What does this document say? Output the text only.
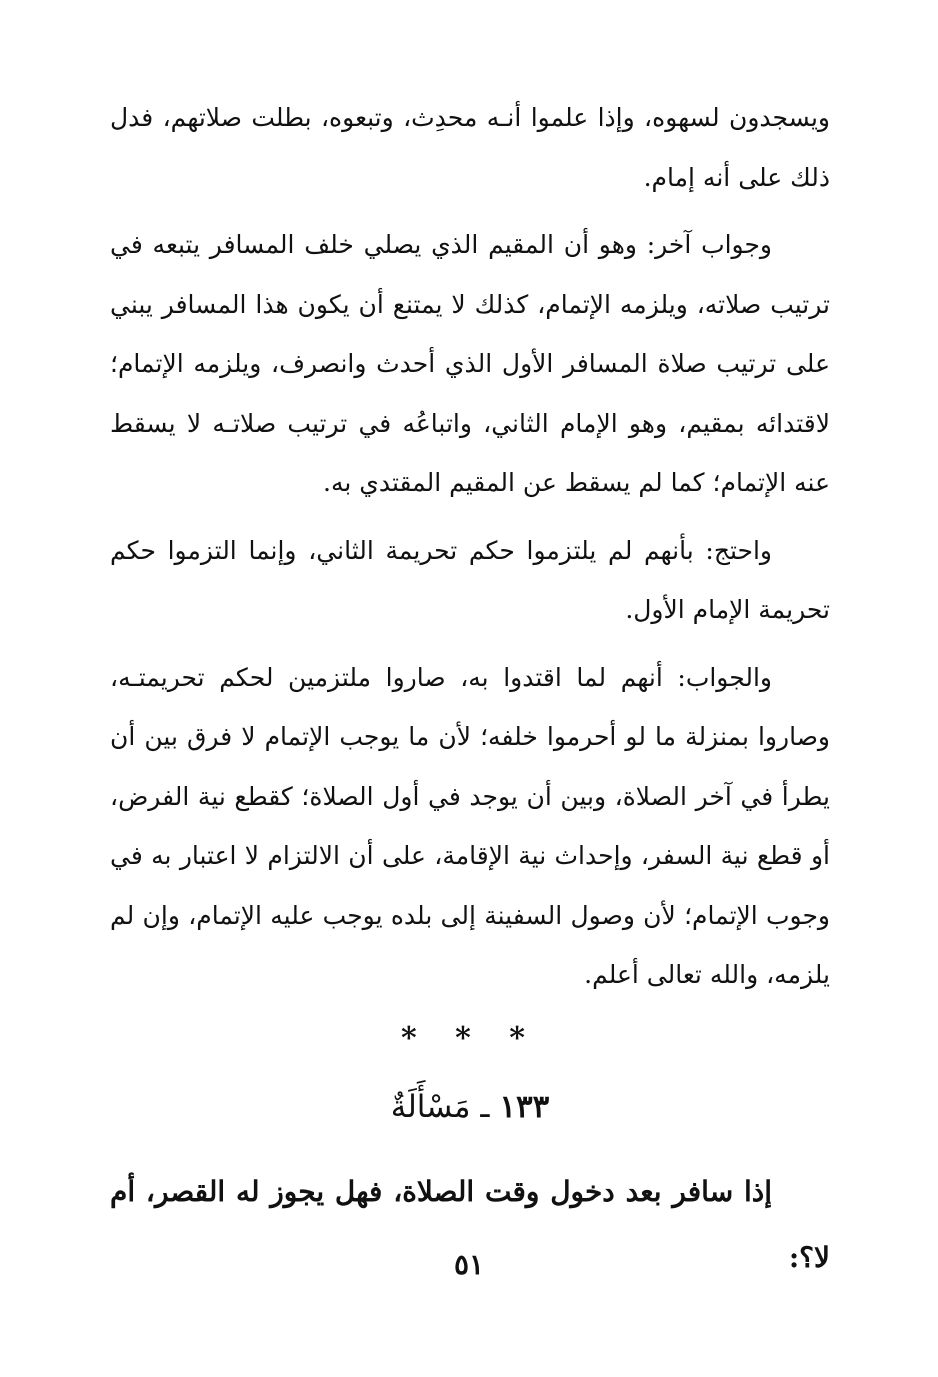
ويسجدون لسهوه، وإذا علموا أنـه محدِث، وتبعوه، بطلت صلاتهم، فدل ذلك على أنه إمام.

وجواب آخر: وهو أن المقيم الذي يصلي خلف المسافر يتبعه في ترتيب صلاته، ويلزمه الإتمام، كذلك لا يمتنع أن يكون هذا المسافر يبني على ترتيب صلاة المسافر الأول الذي أحدث وانصرف، ويلزمه الإتمام؛ لاقتدائه بمقيم، وهو الإمام الثاني، واتباعُه في ترتيب صلاتـه لا يسقط عنه الإتمام؛ كما لم يسقط عن المقيم المقتدي به.

واحتج: بأنهم لم يلتزموا حكم تحريمة الثاني، وإنما التزموا حكم تحريمة الإمام الأول.

والجواب: أنهم لما اقتدوا به، صاروا ملتزمين لحكم تحريمتـه، وصاروا بمنزلة ما لو أحرموا خلفه؛ لأن ما يوجب الإتمام لا فرق بين أن يطرأ في آخر الصلاة، وبين أن يوجد في أول الصلاة؛ كقطع نية الفرض، أو قطع نية السفر، وإحداث نية الإقامة، على أن الالتزام لا اعتبار به في وجوب الإتمام؛ لأن وصول السفينة إلى بلده يوجب عليه الإتمام، وإن لم يلزمه، والله تعالى أعلم.

* * *
١٣٣ ـ مَسْأَلَةٌ

إذا سافر بعد دخول وقت الصلاة، فهل يجوز له القصر، أم لا؟:

٥١
